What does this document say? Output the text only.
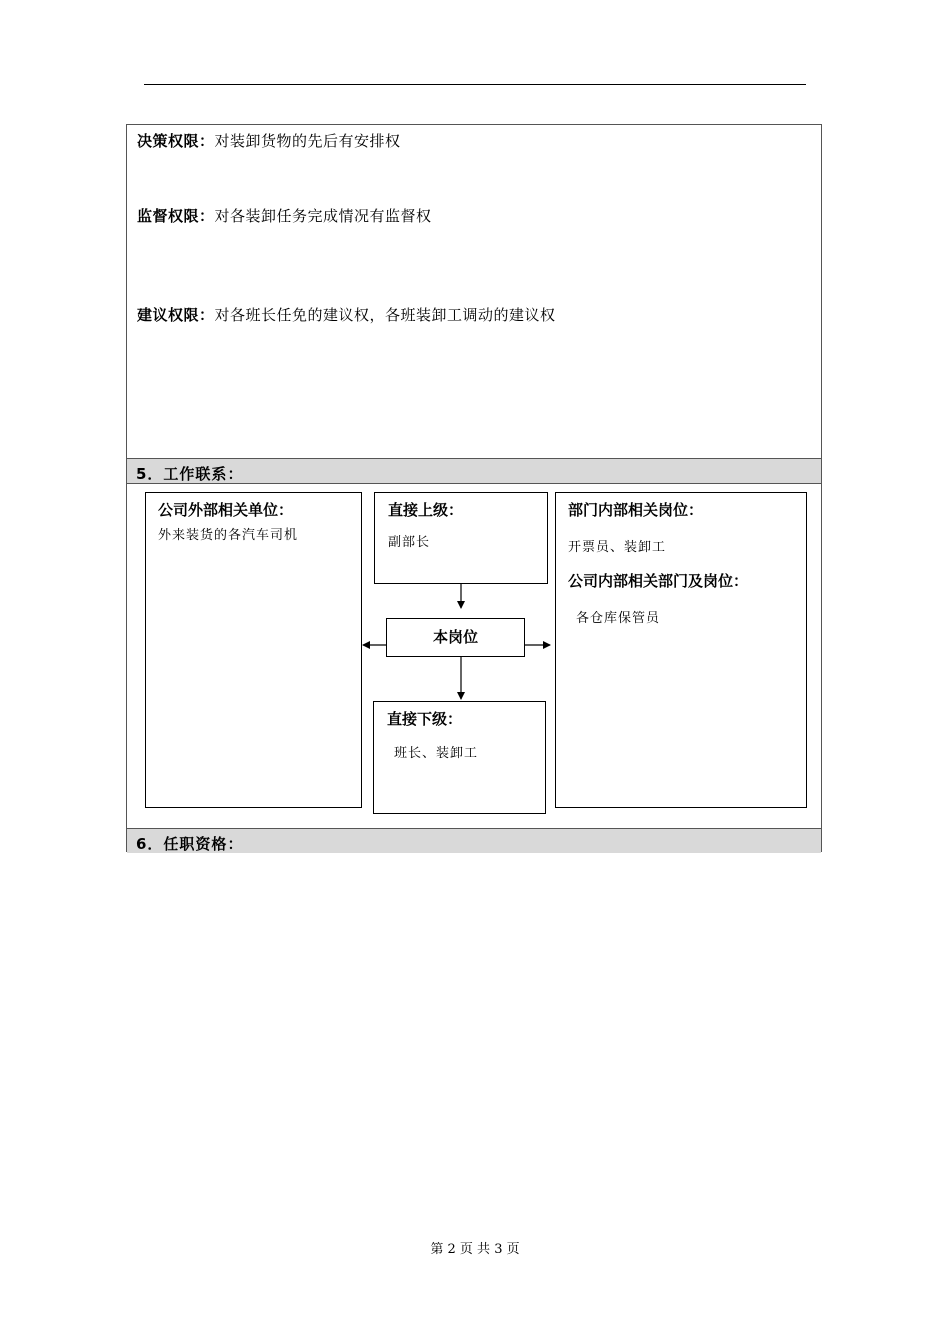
决策权限：对装卸货物的先后有安排权
监督权限：对各装卸任务完成情况有监督权
建议权限：对各班长任免的建议权，各班装卸工调动的建议权
5．工作联系：
公司外部相关单位：
外来装货的各汽车司机
直接上级：
副部长
本岗位
直接下级：
班长、装卸工
部门内部相关岗位：
开票员、装卸工
公司内部相关部门及岗位：
各仓库保管员
6．任职资格：
第 2 页 共 3 页
